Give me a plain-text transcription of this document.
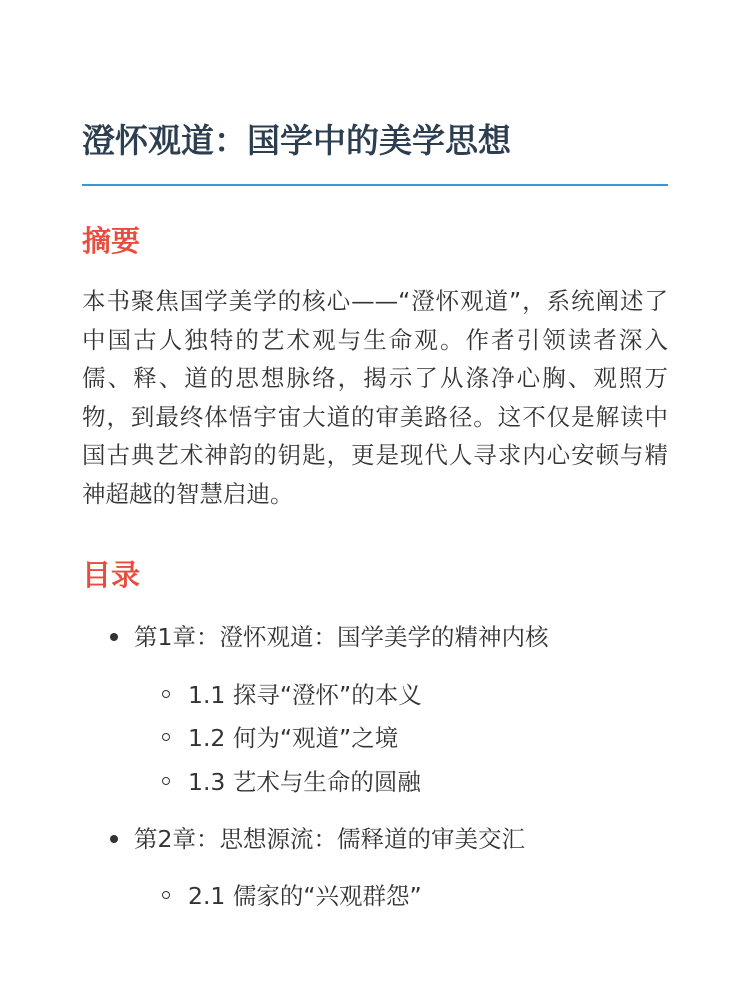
澄怀观道：国学中的美学思想
摘要

本书聚焦国学美学的核心——“澄怀观道”，系统阐述了中国古人独特的艺术观与生命观。作者引领读者深入儒、释、道的思想脉络，揭示了从涤净心胸、观照万物，到最终体悟宇宙大道的审美路径。这不仅是解读中国古典艺术神韵的钥匙，更是现代人寻求内心安顿与精神超越的智慧启迪。

目录
第1章：澄怀观道：国学美学的精神内核
1.1 探寻“澄怀”的本义
1.2 何为“观道”之境
1.3 艺术与生命的圆融
第2章：思想源流：儒释道的审美交汇
2.1 儒家的“兴观群怨”
